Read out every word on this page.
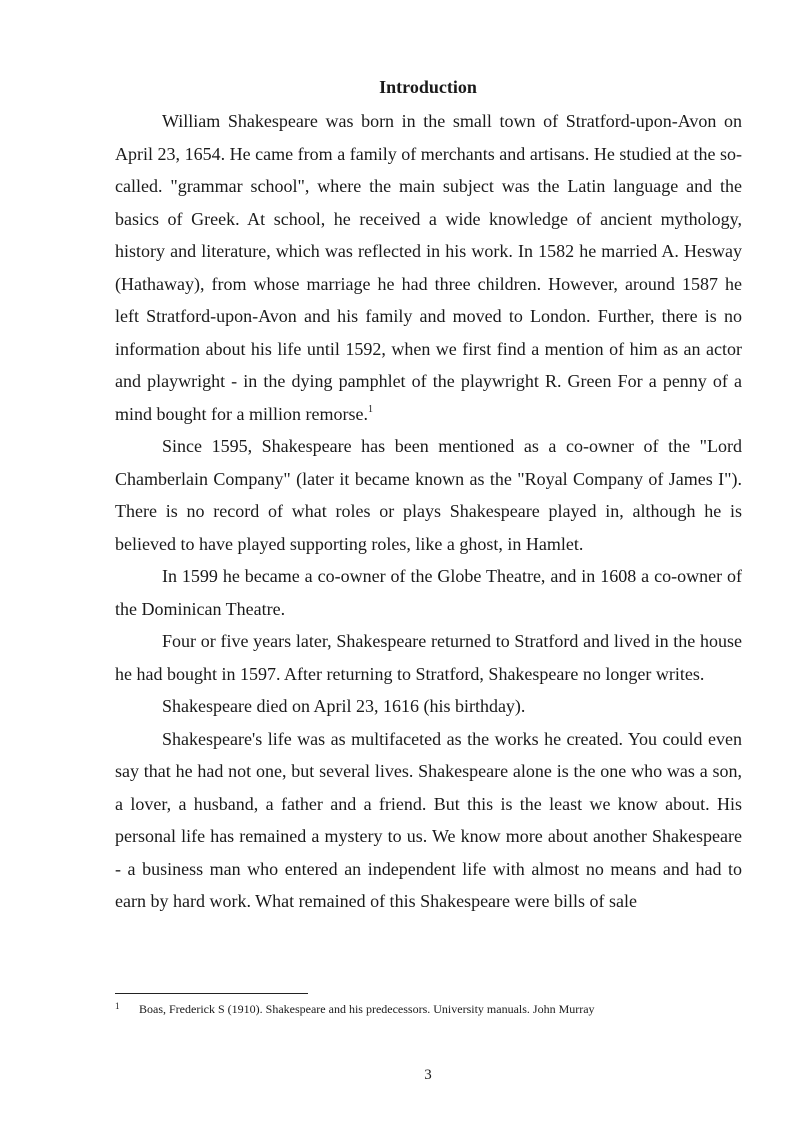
Introduction

William Shakespeare was born in the small town of Stratford-upon-Avon on April 23, 1654. He came from a family of merchants and artisans. He studied at the so-called. "grammar school", where the main subject was the Latin language and the basics of Greek. At school, he received a wide knowledge of ancient mythology, history and literature, which was reflected in his work. In 1582 he married A. Hesway (Hathaway), from whose marriage he had three children. However, around 1587 he left Stratford-upon-Avon and his family and moved to London. Further, there is no information about his life until 1592, when we first find a mention of him as an actor and playwright - in the dying pamphlet of the playwright R. Green For a penny of a mind bought for a million remorse.$^1$

Since 1595, Shakespeare has been mentioned as a co-owner of the "Lord Chamberlain Company" (later it became known as the "Royal Company of James I"). There is no record of what roles or plays Shakespeare played in, although he is believed to have played supporting roles, like a ghost, in Hamlet.

In 1599 he became a co-owner of the Globe Theatre, and in 1608 a co-owner of the Dominican Theatre.

Four or five years later, Shakespeare returned to Stratford and lived in the house he had bought in 1597. After returning to Stratford, Shakespeare no longer writes.

Shakespeare died on April 23, 1616 (his birthday).

Shakespeare's life was as multifaceted as the works he created. You could even say that he had not one, but several lives. Shakespeare alone is the one who was a son, a lover, a husband, a father and a friend. But this is the least we know about. His personal life has remained a mystery to us. We know more about another Shakespeare - a business man who entered an independent life with almost no means and had to earn by hard work. What remained of this Shakespeare were bills of sale

1 Boas, Frederick S (1910). Shakespeare and his predecessors. University manuals. John Murray
3
